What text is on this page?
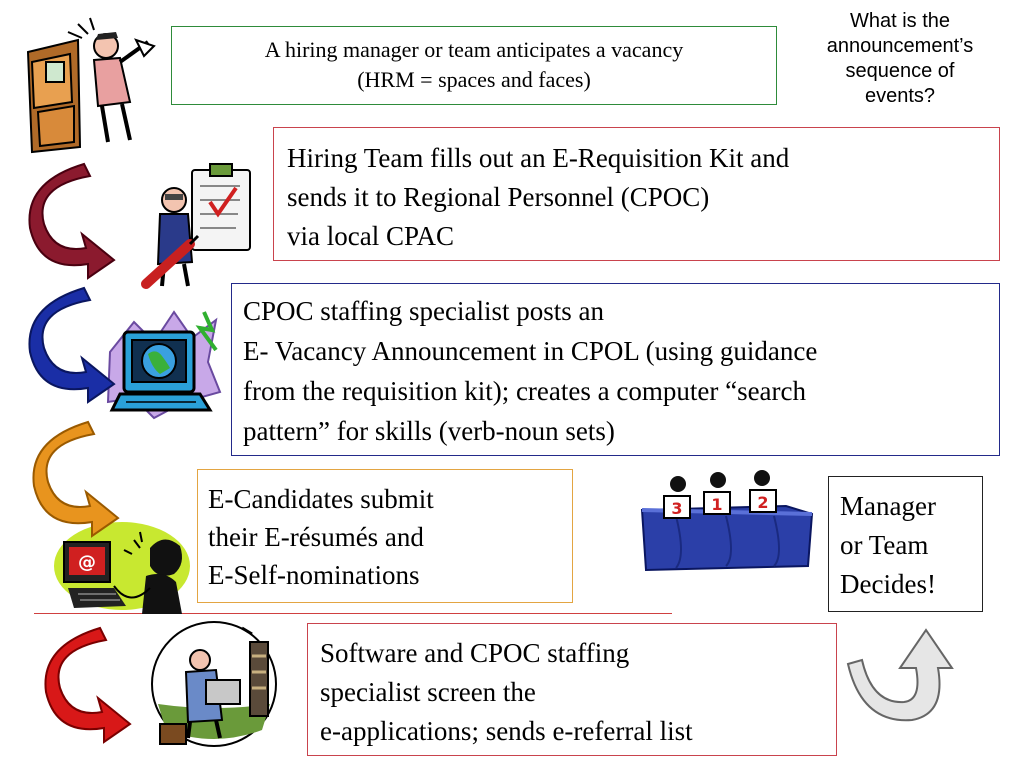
What is the
announcement’s
sequence of
events?

A hiring manager or team anticipates a vacancy

(HRM = spaces and faces)

Hiring Team fills out an E-Requisition Kit and

sends it to Regional Personnel (CPOC)

via local CPAC

CPOC staffing specialist posts an

E- Vacancy Announcement in CPOL (using guidance

from the requisition kit); creates a computer “search

pattern” for skills (verb-noun sets)

E-Candidates submit

their E-résumés and

E-Self-nominations

Software and CPOC staffing

specialist screen the

e-applications; sends e-referral list

Manager

or Team

Decides!

@
3 1 2
